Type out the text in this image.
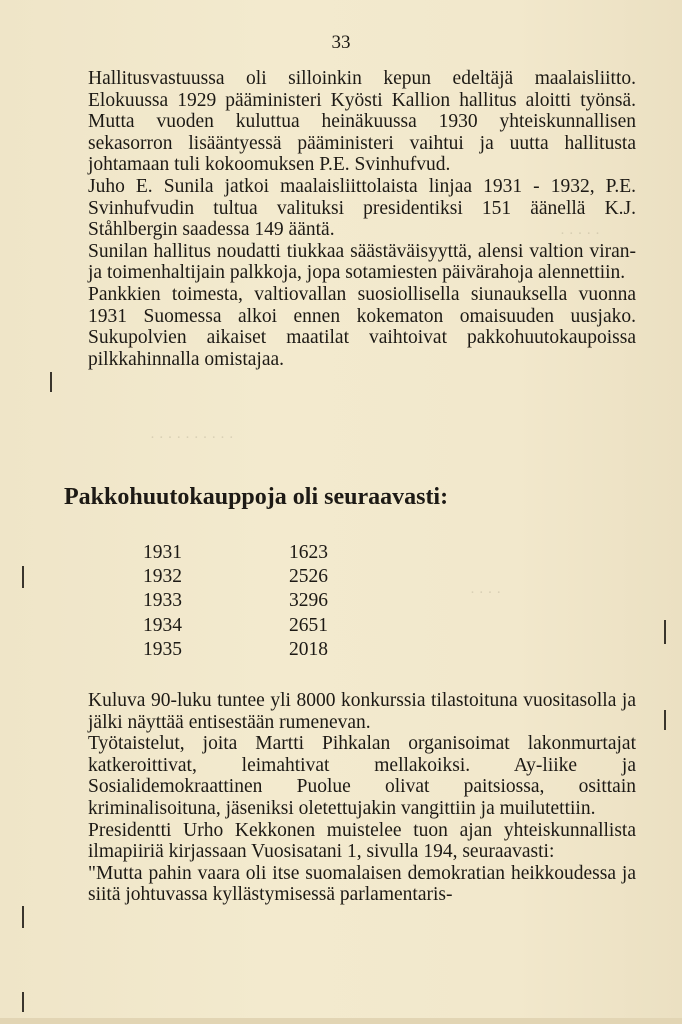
· · · · ·
· · · · · · · · · ·
· · · ·
33

Hallitusvastuussa oli silloinkin kepun edeltäjä maalaisliitto. Elokuussa 1929 pääministeri Kyösti Kallion hallitus aloitti työnsä. Mutta vuoden kuluttua heinäkuussa 1930 yhteiskunnallisen sekasorron lisääntyessä pääministeri vaihtui ja uutta hallitusta johtamaan tuli kokoomuksen P.E. Svinhufvud.

Juho E. Sunila jatkoi maalaisliittolaista linjaa 1931 - 1932, P.E. Svinhufvudin tultua valituksi presidentiksi 151 äänellä K.J. Ståhlbergin saadessa 149 ääntä.

Sunilan hallitus noudatti tiukkaa säästäväisyyttä, alensi valtion viran- ja toimenhaltijain palkkoja, jopa sotamiesten päivärahoja alennettiin.

Pankkien toimesta, valtiovallan suosiollisella siunauksella vuonna 1931 Suomessa alkoi ennen kokematon omaisuuden uusjako. Sukupolvien aikaiset maatilat vaihtoivat pakkohuutokaupoissa pilkkahinnalla omistajaa.

Pakkohuutokauppoja oli seuraavasti:
1931	1623
1932	2526
1933	3296
1934	2651
1935	2018

Kuluva 90-luku tuntee yli 8000 konkurssia tilastoituna vuositasolla ja jälki näyttää entisestään rumenevan.

Työtaistelut, joita Martti Pihkalan organisoimat lakonmurtajat katkeroittivat, leimahtivat mellakoiksi. Ay-liike ja Sosialidemokraattinen Puolue olivat paitsiossa, osittain kriminalisoituna, jäseniksi oletettujakin vangittiin ja muilutettiin.

Presidentti Urho Kekkonen muistelee tuon ajan yhteiskunnallista ilmapiiriä kirjassaan Vuosisatani 1, sivulla 194, seuraavasti:

"Mutta pahin vaara oli itse suomalaisen demokratian heikkoudessa ja siitä johtuvassa kyllästymisessä parlamentaris-
